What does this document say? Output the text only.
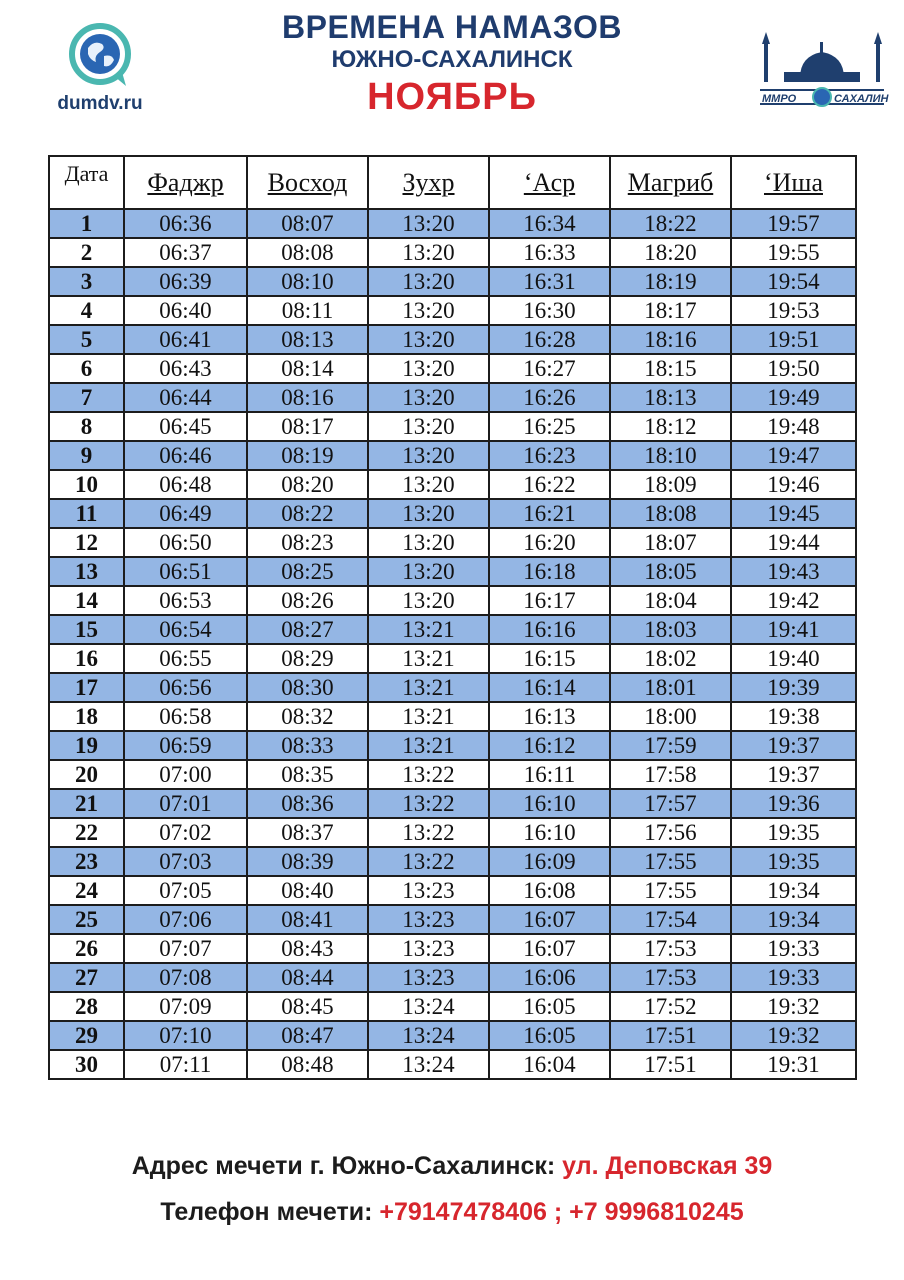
dumdv.ru
ВРЕМЕНА НАМАЗОВ
ЮЖНО-САХАЛИНСК
НОЯБРЬ	ММРО	САХАЛИН
Дата	Фаджр	Восход	Зухр	‘Аср	Магриб	‘Иша
1	06:36	08:07	13:20	16:34	18:22	19:57
2	06:37	08:08	13:20	16:33	18:20	19:55
3	06:39	08:10	13:20	16:31	18:19	19:54
4	06:40	08:11	13:20	16:30	18:17	19:53
5	06:41	08:13	13:20	16:28	18:16	19:51
6	06:43	08:14	13:20	16:27	18:15	19:50
7	06:44	08:16	13:20	16:26	18:13	19:49
8	06:45	08:17	13:20	16:25	18:12	19:48
9	06:46	08:19	13:20	16:23	18:10	19:47
10	06:48	08:20	13:20	16:22	18:09	19:46
11	06:49	08:22	13:20	16:21	18:08	19:45
12	06:50	08:23	13:20	16:20	18:07	19:44
13	06:51	08:25	13:20	16:18	18:05	19:43
14	06:53	08:26	13:20	16:17	18:04	19:42
15	06:54	08:27	13:21	16:16	18:03	19:41
16	06:55	08:29	13:21	16:15	18:02	19:40
17	06:56	08:30	13:21	16:14	18:01	19:39
18	06:58	08:32	13:21	16:13	18:00	19:38
19	06:59	08:33	13:21	16:12	17:59	19:37
20	07:00	08:35	13:22	16:11	17:58	19:37
21	07:01	08:36	13:22	16:10	17:57	19:36
22	07:02	08:37	13:22	16:10	17:56	19:35
23	07:03	08:39	13:22	16:09	17:55	19:35
24	07:05	08:40	13:23	16:08	17:55	19:34
25	07:06	08:41	13:23	16:07	17:54	19:34
26	07:07	08:43	13:23	16:07	17:53	19:33
27	07:08	08:44	13:23	16:06	17:53	19:33
28	07:09	08:45	13:24	16:05	17:52	19:32
29	07:10	08:47	13:24	16:05	17:51	19:32
30	07:11	08:48	13:24	16:04	17:51	19:31
Адрес мечети г. Южно-Сахалинск: ул. Деповская 39
Телефон мечети: +79147478406 ; +7 9996810245
